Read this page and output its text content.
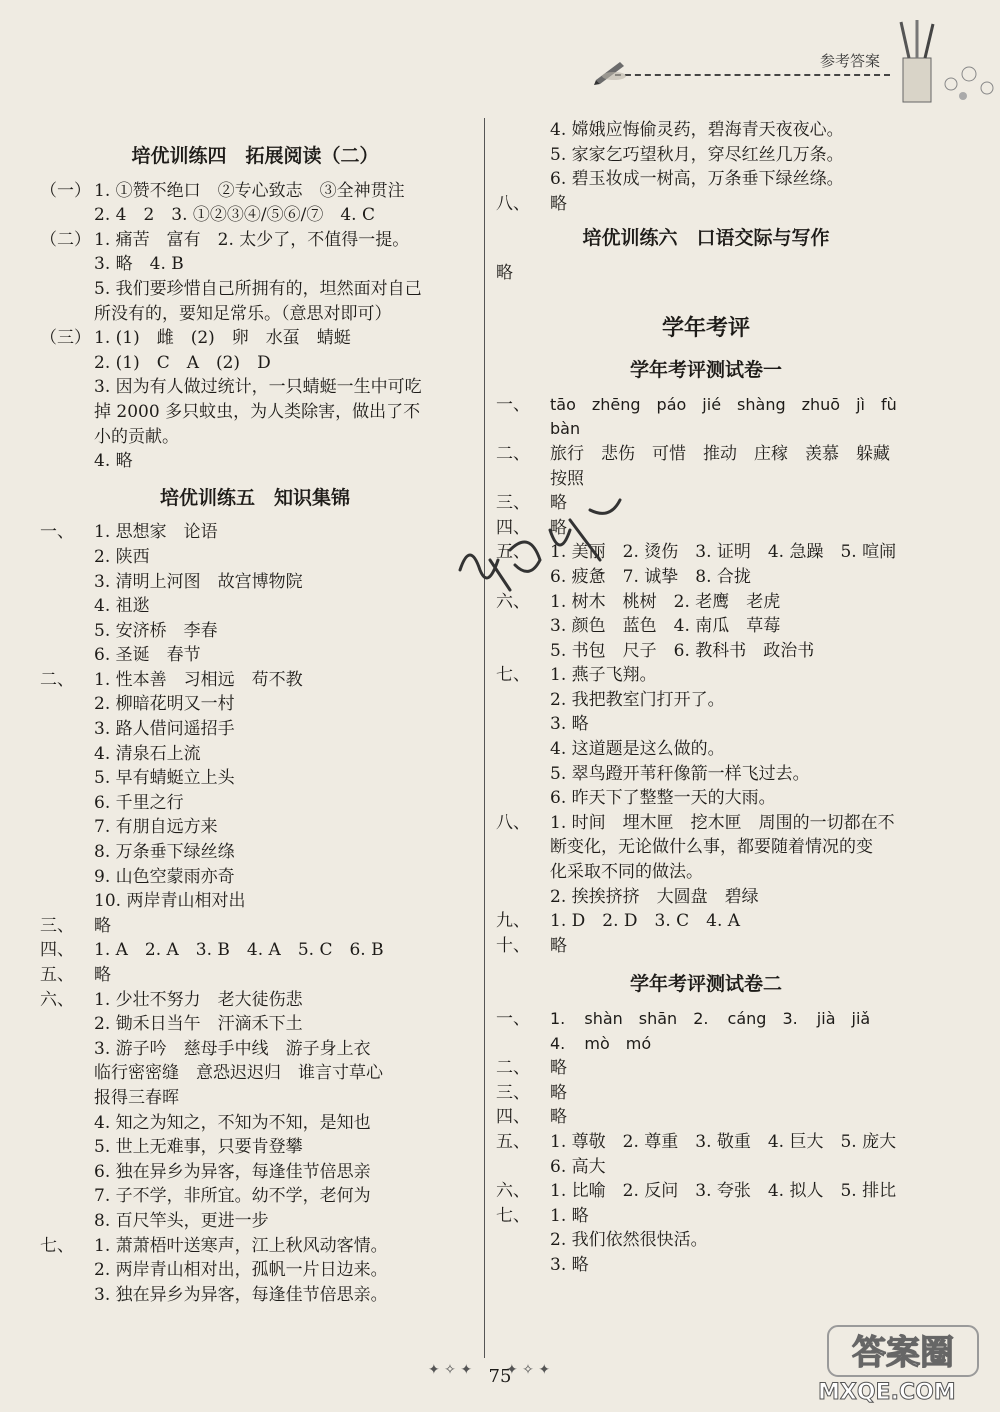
参考答案
培优训练四　拓展阅读（二）
（一） 1. ①赞不绝口　②专心致志　③全神贯注
2. 4　2　3. ①②③④/⑤⑥/⑦　4. C
（二） 1. 痛苦　富有　2. 太少了，不值得一提。
3. 略　4. B
5. 我们要珍惜自己所拥有的，坦然面对自己
所没有的，要知足常乐。（意思对即可）
（三） 1. (1)　雌　(2)　卵　水虿　蜻蜓
2. (1)　C　A　(2)　D
3. 因为有人做过统计，一只蜻蜓一生中可吃
掉 2000 多只蚊虫，为人类除害，做出了不
小的贡献。
4. 略
培优训练五　知识集锦
一、	1. 思想家　论语
2. 陕西
3. 清明上河图　故宫博物院
4. 祖逖
5. 安济桥　李春
6. 圣诞　春节
二、	1. 性本善　习相远　苟不教
2. 柳暗花明又一村
3. 路人借问遥招手
4. 清泉石上流
5. 早有蜻蜓立上头
6. 千里之行
7. 有朋自远方来
8. 万条垂下绿丝绦
9. 山色空蒙雨亦奇
10. 两岸青山相对出
三、	略
四、	1. A　2. A　3. B　4. A　5. C　6. B
五、	略
六、	1. 少壮不努力　老大徒伤悲
2. 锄禾日当午　汗滴禾下土
3. 游子吟　慈母手中线　游子身上衣
临行密密缝　意恐迟迟归　谁言寸草心
报得三春晖
4. 知之为知之，不知为不知，是知也
5. 世上无难事，只要肯登攀
6. 独在异乡为异客，每逢佳节倍思亲
7. 子不学，非所宜。幼不学，老何为
8. 百尺竿头，更进一步
七、	1. 萧萧梧叶送寒声，江上秋风动客情。
2. 两岸青山相对出，孤帆一片日边来。
3. 独在异乡为异客，每逢佳节倍思亲。
4. 嫦娥应悔偷灵药，碧海青天夜夜心。
5. 家家乞巧望秋月，穿尽红丝几万条。
6. 碧玉妆成一树高，万条垂下绿丝绦。
八、	略
培优训练六　口语交际与写作
略
学年考评
学年考评测试卷一
一、	tāo　zhēng　páo　jié　shàng　zhuō　jì　fù
bàn
二、	旅行　悲伤　可惜　推动　庄稼　羡慕　躲藏
按照
三、	略
四、	略
五、	1. 美丽　2. 烫伤　3. 证明　4. 急躁　5. 喧闹
6. 疲惫　7. 诚挚　8. 合拢
六、	1. 树木　桃树　2. 老鹰　老虎
3. 颜色　蓝色　4. 南瓜　草莓
5. 书包　尺子　6. 教科书　政治书
七、	1. 燕子飞翔。
2. 我把教室门打开了。
3. 略
4. 这道题是这么做的。
5. 翠鸟蹬开苇秆像箭一样飞过去。
6. 昨天下了整整一天的大雨。
八、	1. 时间　埋木匣　挖木匣　周围的一切都在不
断变化，无论做什么事，都要随着情况的变
化采取不同的做法。
2. 挨挨挤挤　大圆盘　碧绿
九、	1. D　2. D　3. C　4. A
十、	略
学年考评测试卷二
一、	1. shàn　shān　2. cáng　3. jià　jiǎ
4. mò　mó
二、	略
三、	略
四、	略
五、	1. 尊敬　2. 尊重　3. 敬重　4. 巨大　5. 庞大
6. 高大
六、	1. 比喻　2. 反问　3. 夸张　4. 拟人　5. 排比
七、	1. 略
2. 我们依然很快活。
3. 略
✦ ✧ ✦ 75
✦ ✧ ✦	答案圈
MXQE.COM
